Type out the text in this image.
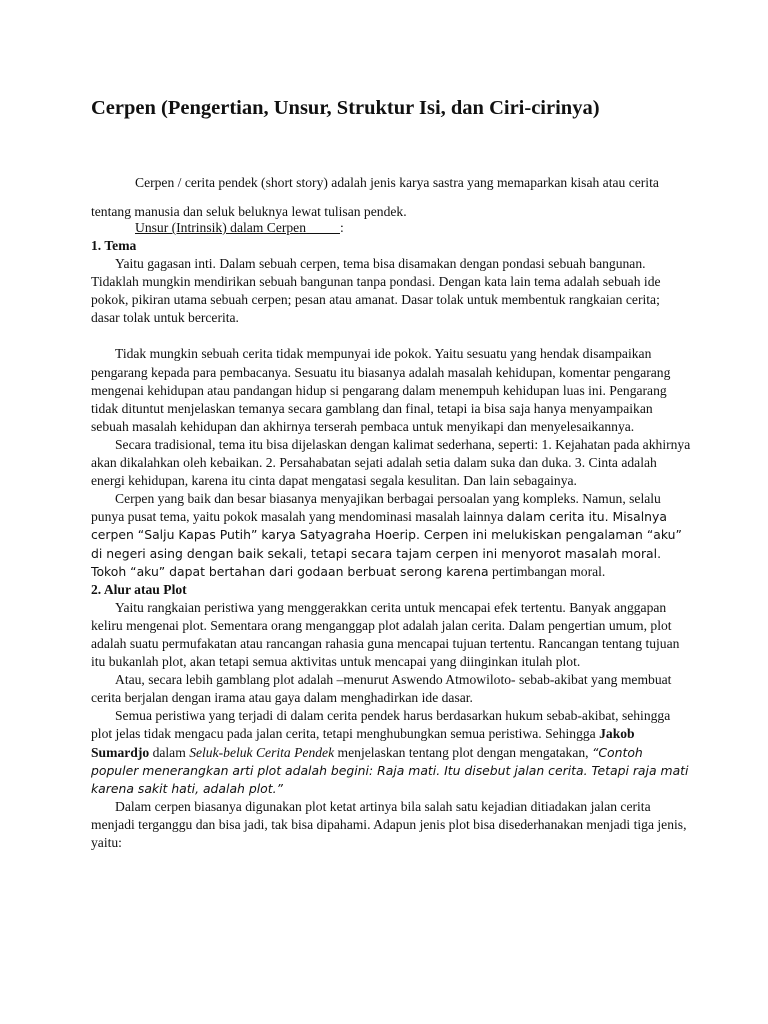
Cerpen (Pengertian, Unsur, Struktur Isi, dan Ciri-cirinya)

Cerpen / cerita pendek (short story) adalah jenis karya sastra yang memaparkan kisah atau cerita tentang manusia dan seluk beluknya lewat tulisan pendek.

Unsur (Intrinsik) dalam Cerpen :

1. Tema

Yaitu gagasan inti. Dalam sebuah cerpen, tema bisa disamakan dengan pondasi sebuah bangunan. Tidaklah mungkin mendirikan sebuah bangunan tanpa pondasi. Dengan kata lain tema adalah sebuah ide pokok, pikiran utama sebuah cerpen; pesan atau amanat. Dasar tolak untuk membentuk rangkaian cerita; dasar tolak untuk bercerita.

Tidak mungkin sebuah cerita tidak mempunyai ide pokok. Yaitu sesuatu yang hendak disampaikan pengarang kepada para pembacanya. Sesuatu itu biasanya adalah masalah kehidupan, komentar pengarang mengenai kehidupan atau pandangan hidup si pengarang dalam menempuh kehidupan luas ini. Pengarang tidak dituntut menjelaskan temanya secara gamblang dan final, tetapi ia bisa saja hanya menyampaikan sebuah masalah kehidupan dan akhirnya terserah pembaca untuk menyikapi dan menyelesaikannya.

Secara tradisional, tema itu bisa dijelaskan dengan kalimat sederhana, seperti: 1. Kejahatan pada akhirnya akan dikalahkan oleh kebaikan. 2. Persahabatan sejati adalah setia dalam suka dan duka. 3. Cinta adalah energi kehidupan, karena itu cinta dapat mengatasi segala kesulitan. Dan lain sebagainya.

Cerpen yang baik dan besar biasanya menyajikan berbagai persoalan yang kompleks. Namun, selalu punya pusat tema, yaitu pokok masalah yang mendominasi masalah lainnya dalam cerita itu. Misalnya cerpen “Salju Kapas Putih” karya Satyagraha Hoerip. Cerpen ini melukiskan pengalaman “aku” di negeri asing dengan baik sekali, tetapi secara tajam cerpen ini menyorot masalah moral. Tokoh “aku” dapat bertahan dari godaan berbuat serong karena pertimbangan moral.

2. Alur atau Plot

Yaitu rangkaian peristiwa yang menggerakkan cerita untuk mencapai efek tertentu. Banyak anggapan keliru mengenai plot. Sementara orang menganggap plot adalah jalan cerita. Dalam pengertian umum, plot adalah suatu permufakatan atau rancangan rahasia guna mencapai tujuan tertentu. Rancangan tentang tujuan itu bukanlah plot, akan tetapi semua aktivitas untuk mencapai yang diinginkan itulah plot.

Atau, secara lebih gamblang plot adalah –menurut Aswendo Atmowiloto- sebab-akibat yang membuat cerita berjalan dengan irama atau gaya dalam menghadirkan ide dasar.

Semua peristiwa yang terjadi di dalam cerita pendek harus berdasarkan hukum sebab-akibat, sehingga plot jelas tidak mengacu pada jalan cerita, tetapi menghubungkan semua peristiwa. Sehingga Jakob Sumardjo dalam Seluk-beluk Cerita Pendek menjelaskan tentang plot dengan mengatakan, “Contoh populer menerangkan arti plot adalah begini: Raja mati. Itu disebut jalan cerita. Tetapi raja mati karena sakit hati, adalah plot.”

Dalam cerpen biasanya digunakan plot ketat artinya bila salah satu kejadian ditiadakan jalan cerita menjadi terganggu dan bisa jadi, tak bisa dipahami. Adapun jenis plot bisa disederhanakan menjadi tiga jenis, yaitu:
